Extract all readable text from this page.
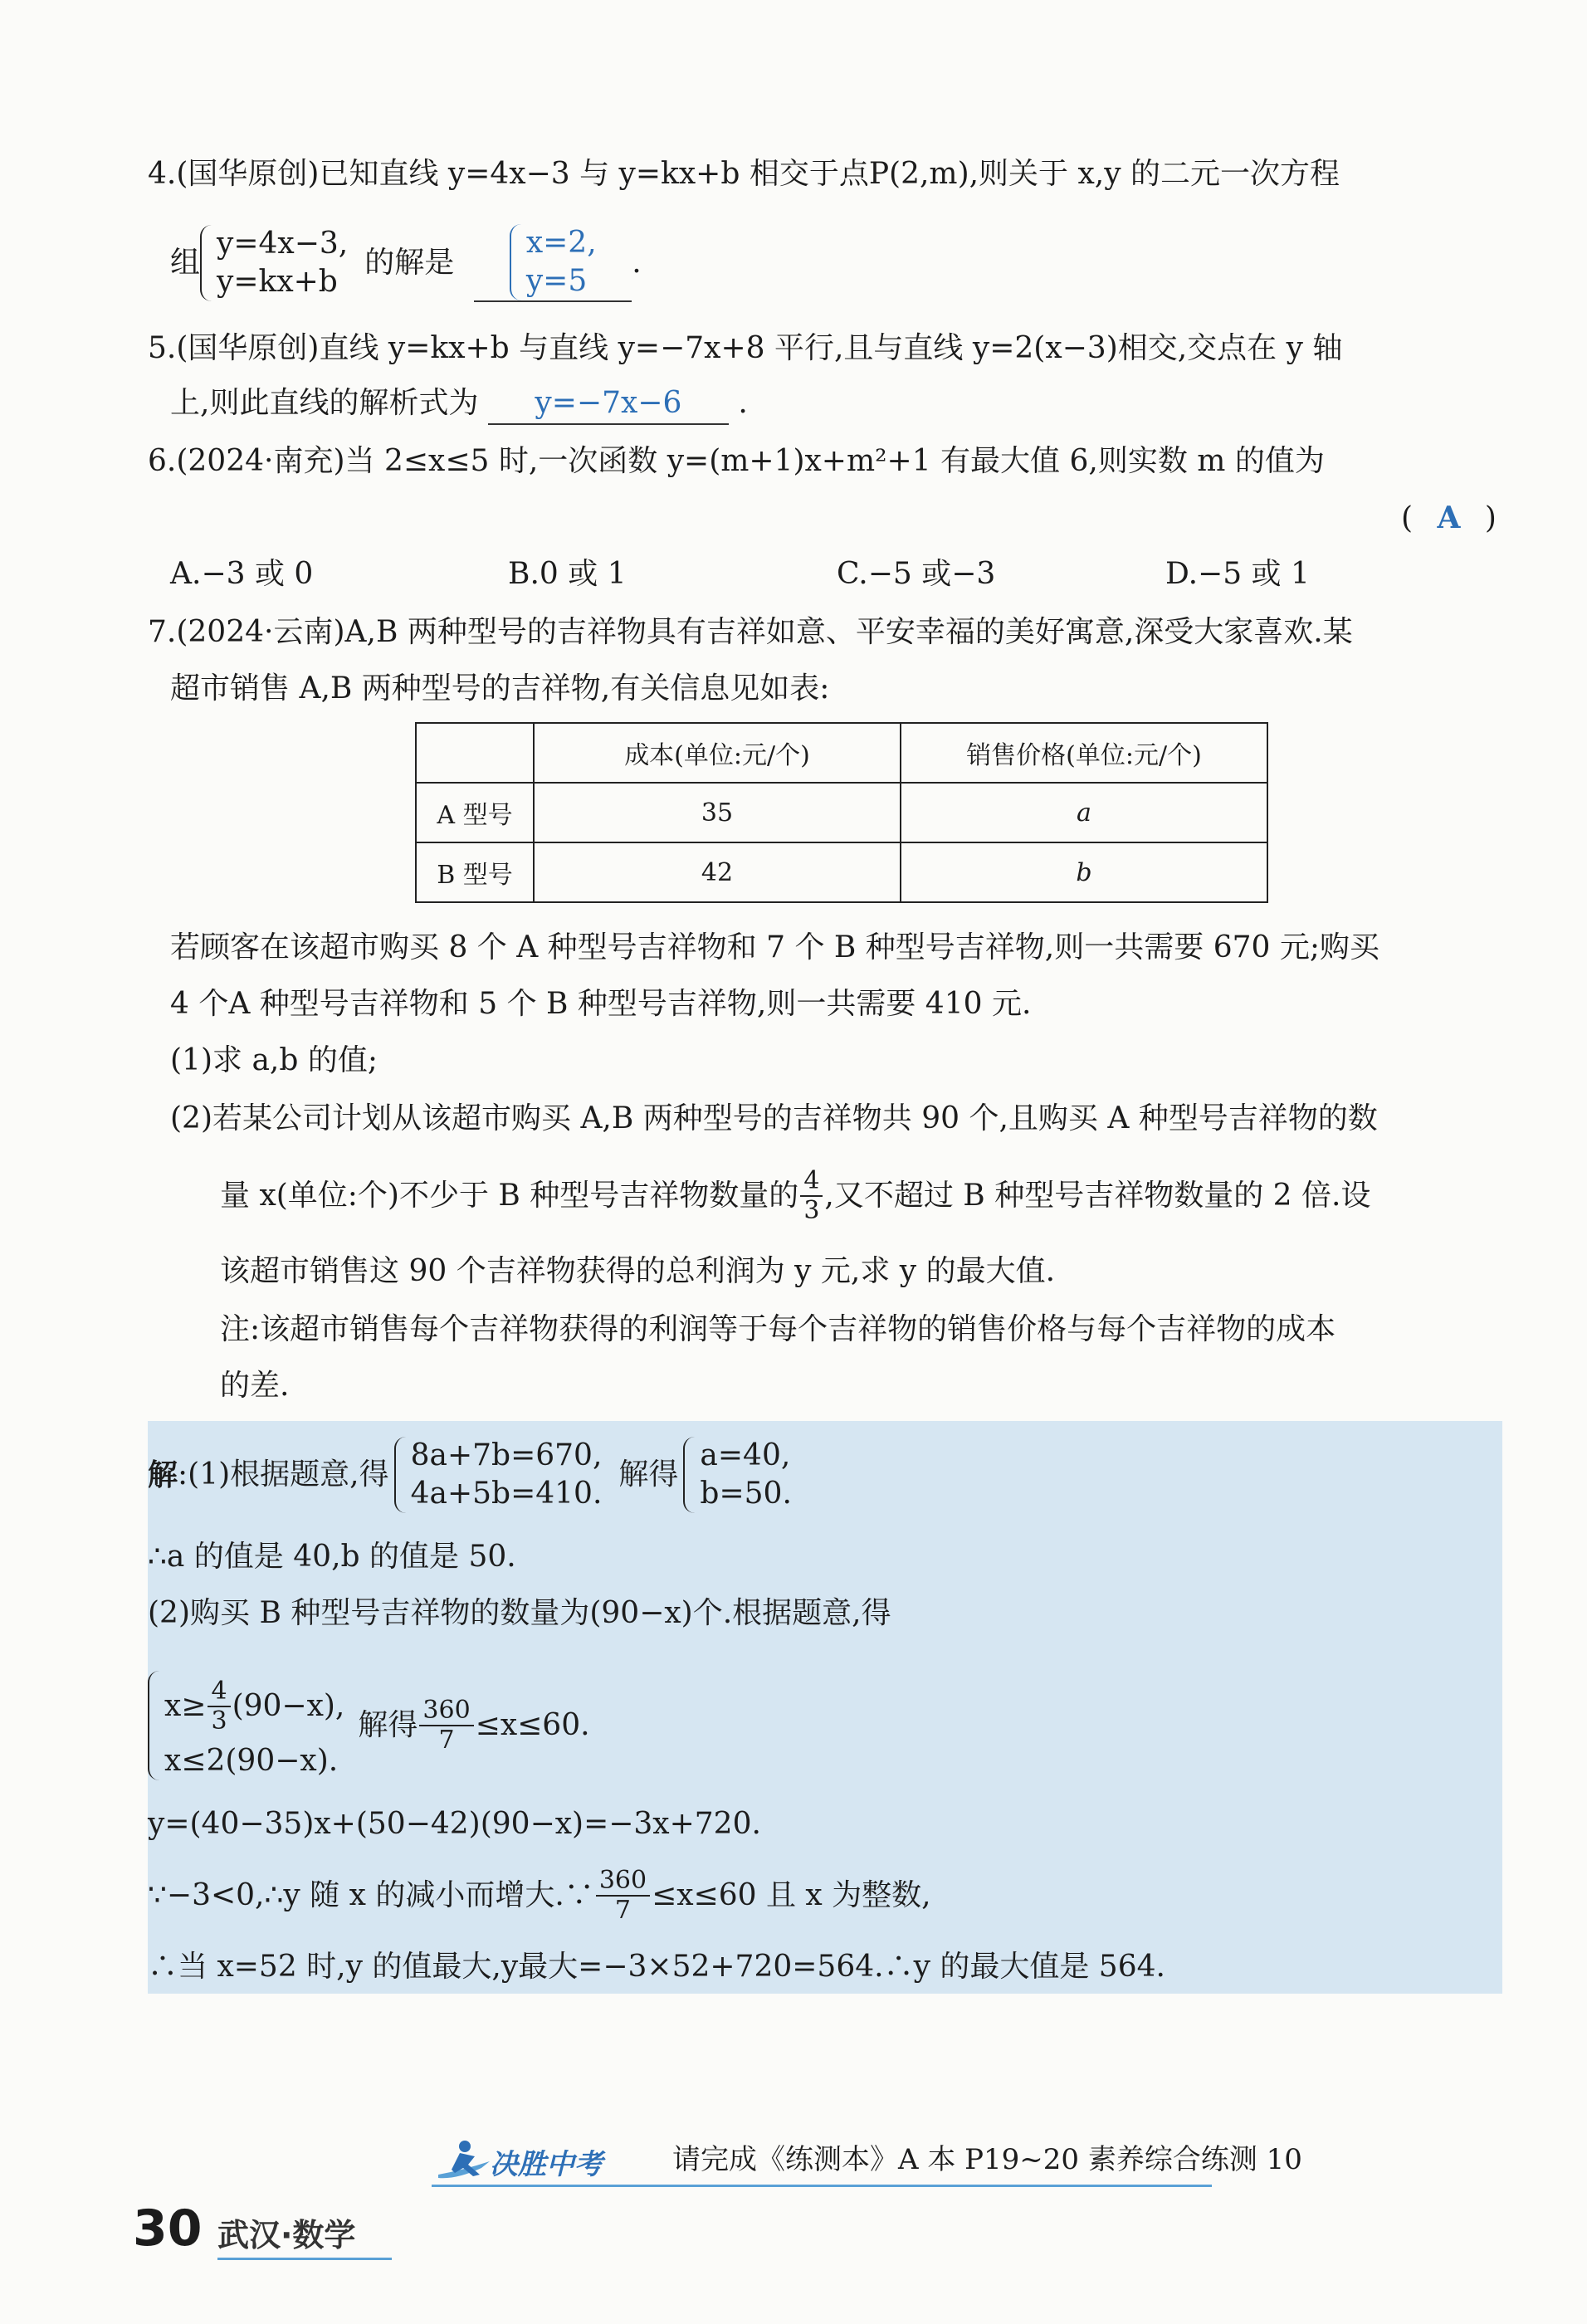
4.(国华原创)已知直线 y=4x−3 与 y=kx+b 相交于点P(2,m),则关于 x,y 的二元一次方程
组
y=4x−3,
y=kx+b
的解是
x=2,
y=5
.
5.(国华原创)直线 y=kx+b 与直线 y=−7x+8 平行,且与直线 y=2(x−3)相交,交点在 y 轴
上,则此直线的解析式为 y=−7x−6 .
6.(2024·南充)当 2≤x≤5 时,一次函数 y=(m+1)x+m²+1 有最大值 6,则实数 m 的值为
( A )
A.−3 或 0	B.0 或 1	C.−5 或−3	D.−5 或 1
7.(2024·云南)A,B 两种型号的吉祥物具有吉祥如意、平安幸福的美好寓意,深受大家喜欢.某
超市销售 A,B 两种型号的吉祥物,有关信息见如表:
	成本(单位:元/个)	销售价格(单位:元/个)
A 型号	35	a
B 型号	42	b
若顾客在该超市购买 8 个 A 种型号吉祥物和 7 个 B 种型号吉祥物,则一共需要 670 元;购买
4 个A 种型号吉祥物和 5 个 B 种型号吉祥物,则一共需要 410 元.
(1)求 a,b 的值;
(2)若某公司计划从该超市购买 A,B 两种型号的吉祥物共 90 个,且购买 A 种型号吉祥物的数
量 x(单位:个)不少于 B 种型号吉祥物数量的 $\frac{4}{3}$ ,又不超过 B 种型号吉祥物数量的 2 倍.设
该超市销售这 90 个吉祥物获得的总利润为 y 元,求 y 的最大值.
注:该超市销售每个吉祥物获得的利润等于每个吉祥物的销售价格与每个吉祥物的成本
的差.
解 :(1)根据题意,得
8a+7b=670,
4a+5b=410.
解得
a=40,
b=50.
∴a 的值是 40,b 的值是 50.
(2)购买 B 种型号吉祥物的数量为(90−x)个.根据题意,得
$x\ge \frac{4}{3} (90-x)$,
x≤2(90−x).
解得 $\frac{360}{7} \le x\le 60$.
y=(40−35)x+(50−42)(90−x)=−3x+720.
∵−3<0,∴y 随 x 的减小而增大.∵ $\frac{360}{7} \le x\le 60$ 且 x 为整数,
∴当 x=52 时,y 的值最大,y最大=−3×52+720=564.∴y 的最大值是 564.
决胜中考 请完成《练测本》A 本 P19~20 素养综合练测 10
30 武汉·数学
